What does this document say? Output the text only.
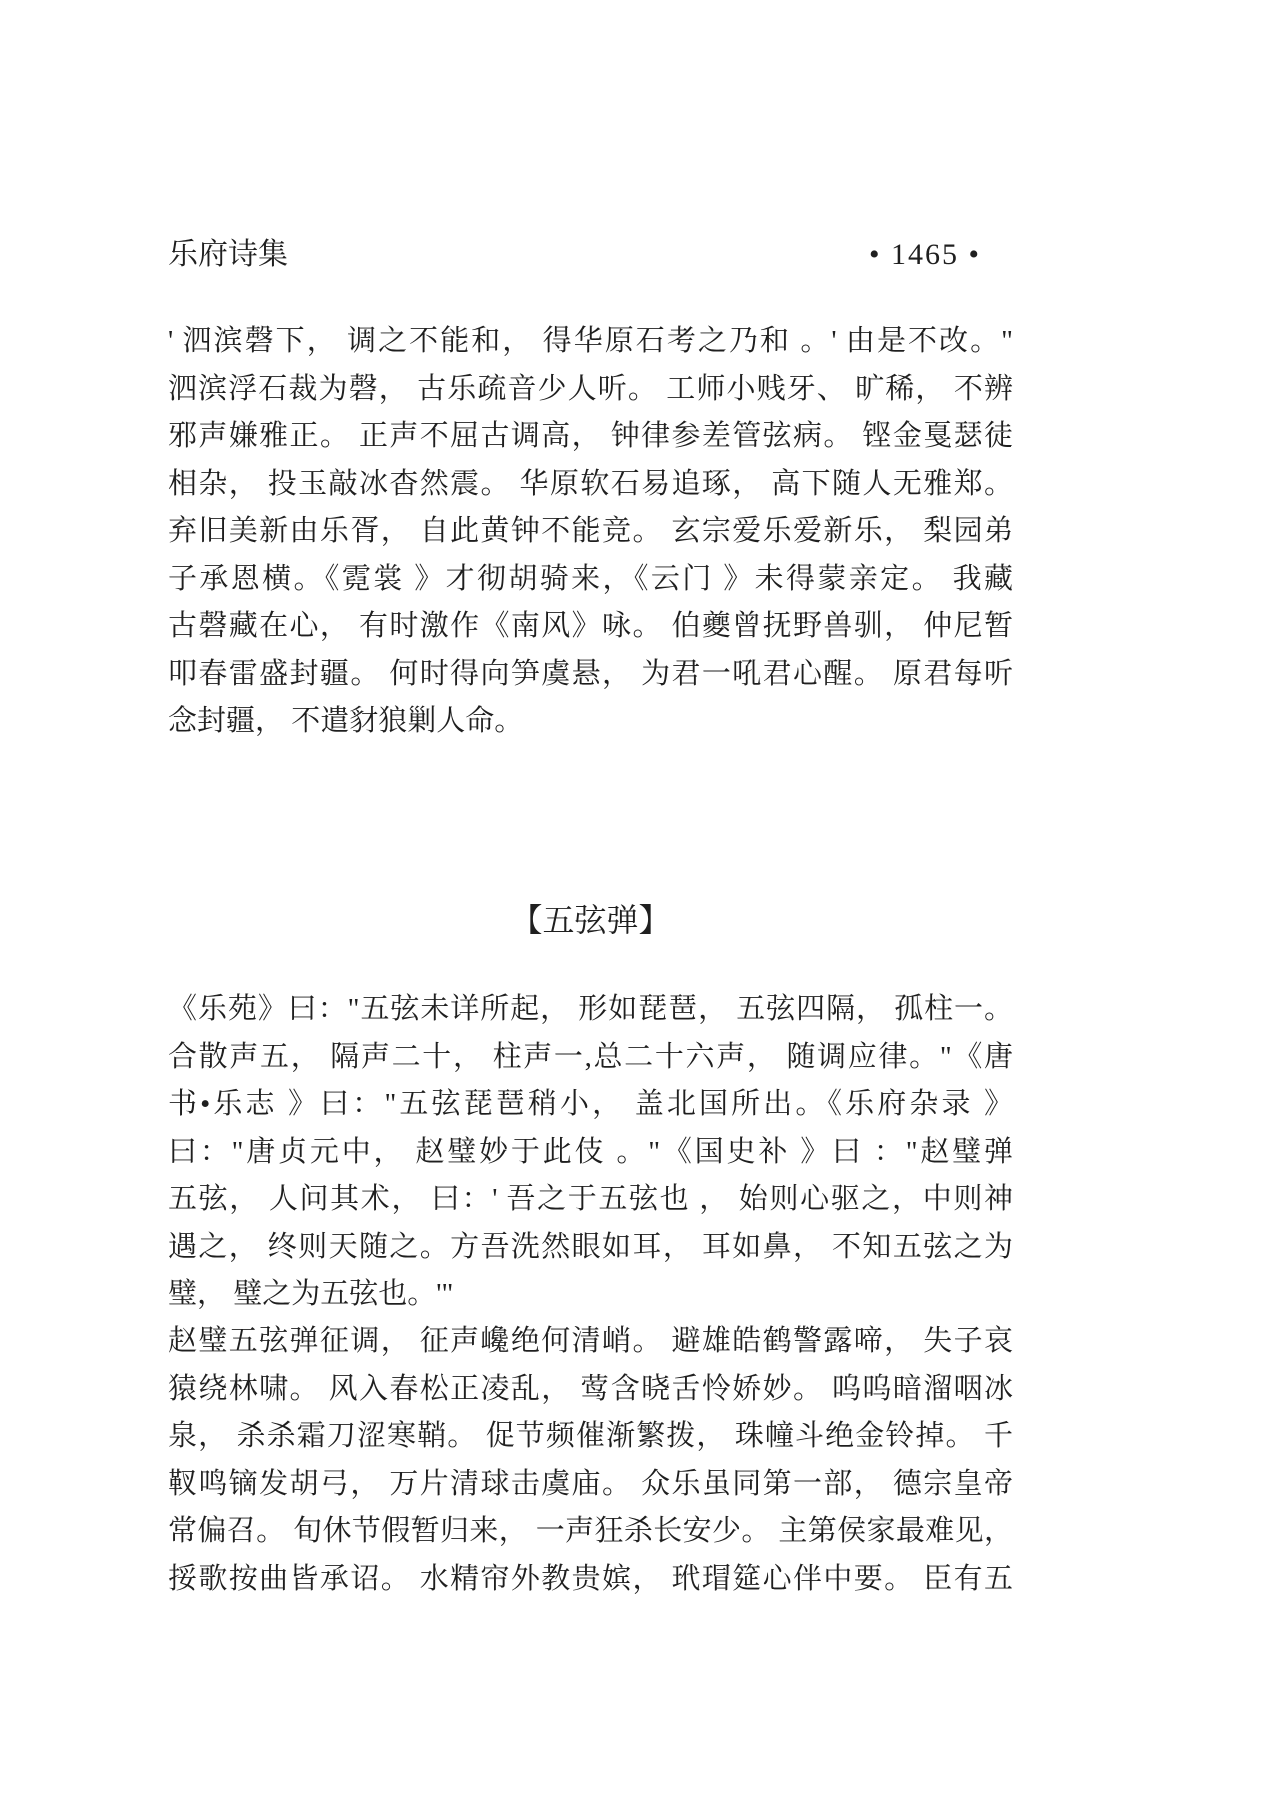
乐府诗集	• 1465 •
' 泗滨磬下， 调之不能和， 得华原石考之乃和 。' 由是不改。"
泗滨浮石裁为磬， 古乐疏音少人听。 工师小贱牙、 旷稀， 不辨
邪声嫌雅正。 正声不屈古调高， 钟律参差管弦病。 铿金戛瑟徒
相杂， 投玉敲冰杳然震。 华原软石易追琢， 高下随人无雅郑。
弃旧美新由乐胥， 自此黄钟不能竞。 玄宗爱乐爱新乐， 梨园弟
子承恩横。《霓裳 》才彻胡骑来，《云门 》未得蒙亲定。 我藏
古磬藏在心， 有时激作《南风》咏。 伯夔曾抚野兽驯， 仲尼暂
叩春雷盛封疆。 何时得向笋虞悬， 为君一吼君心醒。 原君每听
念封疆， 不遣豺狼剿人命。
【五弦弹】
《乐苑》曰："五弦未详所起， 形如琵琶， 五弦四隔， 孤柱一。
合散声五， 隔声二十， 柱声一,总二十六声， 随调应律。"《唐
书•乐志 》曰："五弦琵琶稍小， 盖北国所出。《乐府杂录 》
曰："唐贞元中， 赵璧妙于此伎 。"《国史补 》曰 ："赵璧弹
五弦， 人问其术， 曰：' 吾之于五弦也 ， 始则心驱之，中则神
遇之， 终则天随之。方吾洗然眼如耳， 耳如鼻， 不知五弦之为
璧， 璧之为五弦也。'"
赵璧五弦弹征调， 征声巉绝何清峭。 避雄皓鹤警露啼， 失子哀
猿绕林啸。 风入春松正凌乱， 莺含晓舌怜娇妙。 呜呜暗溜咽冰
泉， 杀杀霜刀涩寒鞘。 促节频催渐繁拨， 珠幢斗绝金铃掉。 千
靫鸣镝发胡弓， 万片清球击虞庙。 众乐虽同第一部， 德宗皇帝
常偏召。 旬休节假暂归来， 一声狂杀长安少。 主第侯家最难见，
挼歌按曲皆承诏。 水精帘外教贵嫔， 玳瑁筵心伴中要。 臣有五
